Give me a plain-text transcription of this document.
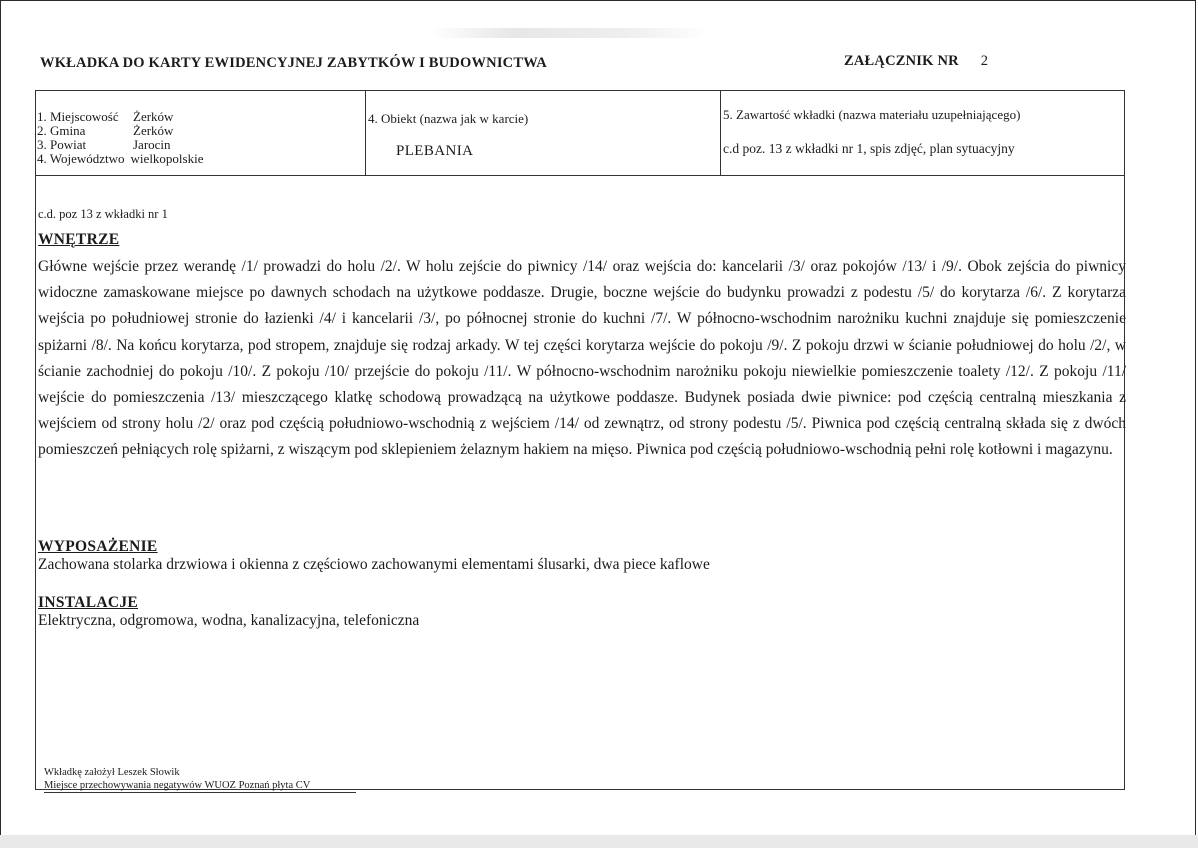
WKŁADKA DO KARTY EWIDENCYJNEJ ZABYTKÓW I BUDOWNICTWA	ZAŁĄCZNIK NR 2
1. Miejscowość Żerków
2. Gmina	Żerków
3. Powiat	Jarocin
4. Województwo wielkopolskie
4. Obiekt (nazwa jak w karcie)
PLEBANIA
5. Zawartość wkładki (nazwa materiału uzupełniającego)
c.d poz. 13 z wkładki nr 1, spis zdjęć, plan sytuacyjny
c.d. poz 13 z wkładki nr 1
WNĘTRZE
Główne wejście przez werandę /1/ prowadzi do holu /2/. W holu zejście do piwnicy /14/ oraz wejścia do: kancelarii /3/ oraz pokojów /13/ i /9/. Obok zejścia do piwnicy widoczne zamaskowane miejsce po dawnych schodach na użytkowe poddasze. Drugie, boczne wejście do budynku prowadzi z podestu /5/ do korytarza /6/. Z korytarza wejścia po południowej stronie do łazienki /4/ i kancelarii /3/, po północnej stronie do kuchni /7/. W północno-wschodnim narożniku kuchni znajduje się pomieszczenie spiżarni /8/. Na końcu korytarza, pod stropem, znajduje się rodzaj arkady. W tej części korytarza wejście do pokoju /9/. Z pokoju drzwi w ścianie południowej do holu /2/, w ścianie zachodniej do pokoju /10/. Z pokoju /10/ przejście do pokoju /11/. W północno-wschodnim narożniku pokoju niewielkie pomieszczenie toalety /12/. Z pokoju /11/ wejście do pomieszczenia /13/ mieszczącego klatkę schodową prowadzącą na użytkowe poddasze. Budynek posiada dwie piwnice: pod częścią centralną mieszkania z wejściem od strony holu /2/ oraz pod częścią południowo-wschodnią z wejściem /14/ od zewnątrz, od strony podestu /5/. Piwnica pod częścią centralną składa się z dwóch pomieszczeń pełniących rolę spiżarni, z wiszącym pod sklepieniem żelaznym hakiem na mięso. Piwnica pod częścią południowo-wschodnią pełni rolę kotłowni i magazynu.
WYPOSAŻENIE
Zachowana stolarka drzwiowa i okienna z częściowo zachowanymi elementami ślusarki, dwa piece kaflowe
INSTALACJE
Elektryczna, odgromowa, wodna, kanalizacyjna, telefoniczna
Wkładkę założył Leszek Słowik
Miejsce przechowywania negatywów WUOZ Poznań płyta CV
